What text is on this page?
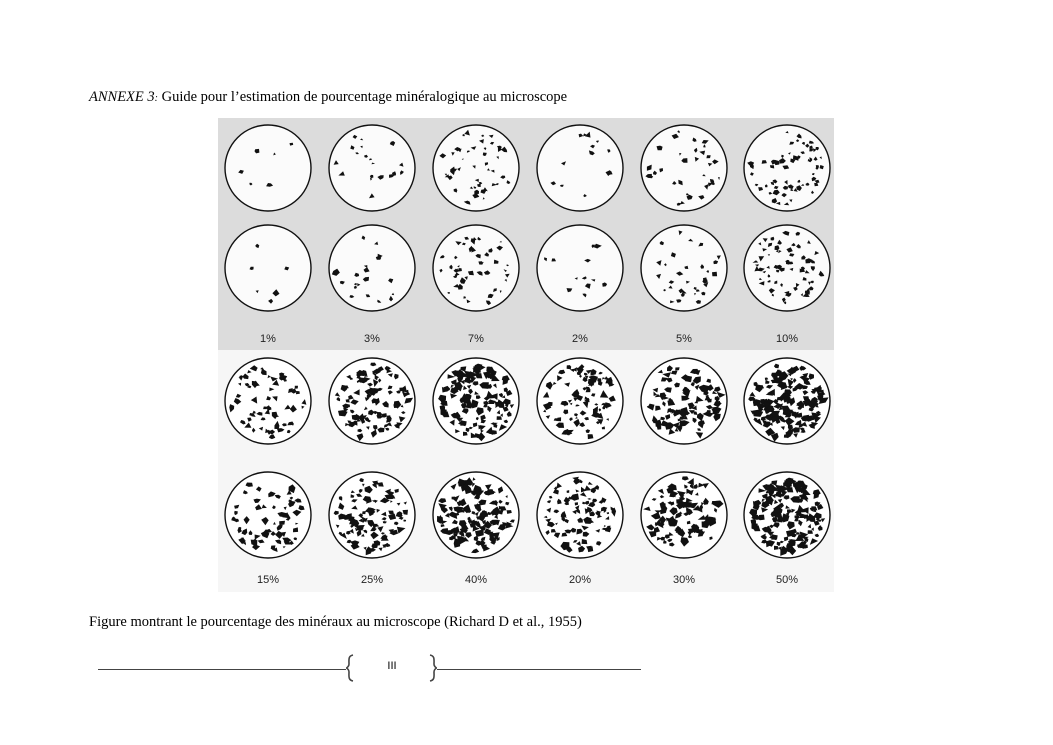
ANNEXE 3: Guide pour l’estimation de pourcentage minéralogique au microscope
1%	3%	7%	2%	5%	10%
15%	25%	40%	20%	30%	50%
Figure montrant le pourcentage des minéraux au microscope (Richard D et al., 1955)
III
